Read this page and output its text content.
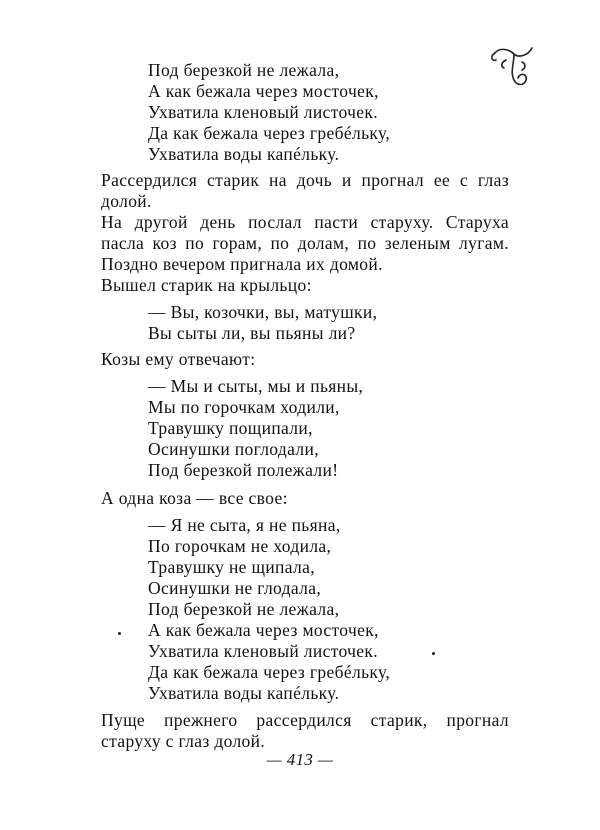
Под березкой не лежала,
А как бежала через мосточек,
Ухватила кленовый листочек.
Да как бежала через гребéльку,
Ухватила воды капéльку.
Рассердился старик на дочь и прогнал ее с глаз
долой.
На другой день послал пасти старуху. Старуха
пасла коз по горам, по долам, по зеленым лугам.
Поздно вечером пригнала их домой.
Вышел старик на крыльцо:
— Вы, козочки, вы, матушки,
Вы сыты ли, вы пьяны ли?
Козы ему отвечают:
— Мы и сыты, мы и пьяны,
Мы по горочкам ходили,
Травушку пощипали,
Осинушки поглодали,
Под березкой полежали!
А одна коза — все свое:
— Я не сыта, я не пьяна,
По горочкам не ходила,
Травушку не щипала,
Осинушки не глодала,
Под березкой не лежала,
А как бежала через мосточек,
Ухватила кленовый листочек.
Да как бежала через гребéльку,
Ухватила воды капéльку.
Пуще прежнего рассердился старик, прогнал
старуху с глаз долой.
— 413 —
